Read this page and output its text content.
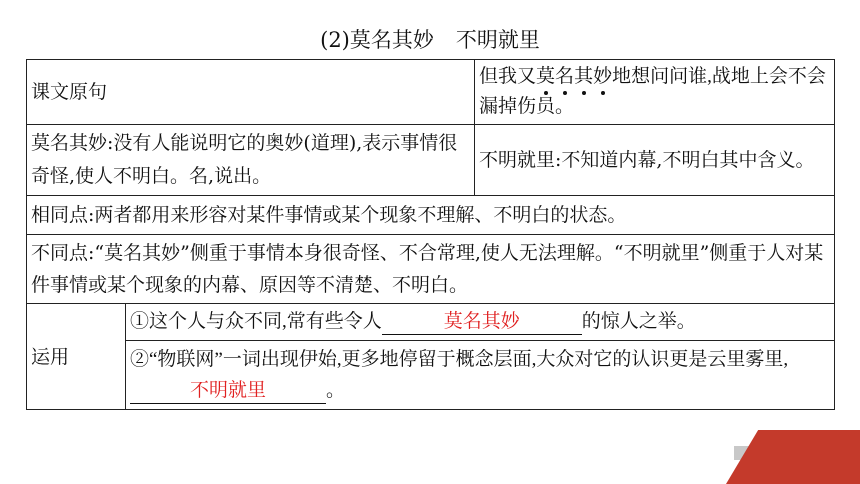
(2)莫名其妙 不明就里
课文原句		但我又莫名其妙地想问问谁,战地上会不会漏掉伤员。
莫名其妙:没有人能说明它的奥妙(道理),表示事情很奇怪,使人不明白。名,说出。		不明就里:不知道内幕,不明白其中含义。
相同点:两者都用来形容对某件事情或某个现象不理解、不明白的状态。		
不同点:“莫名其妙”侧重于事情本身很奇怪、不合常理,使人无法理解。“不明就里”侧重于人对某件事情或某个现象的内幕、原因等不清楚、不明白。		
运用	①这个人与众不同,常有些令人 莫名其妙 的惊人之举。
②“物联网”一词出现伊始,更多地停留于概念层面,大众对它的认识更是云里雾里,不明就里 。	
